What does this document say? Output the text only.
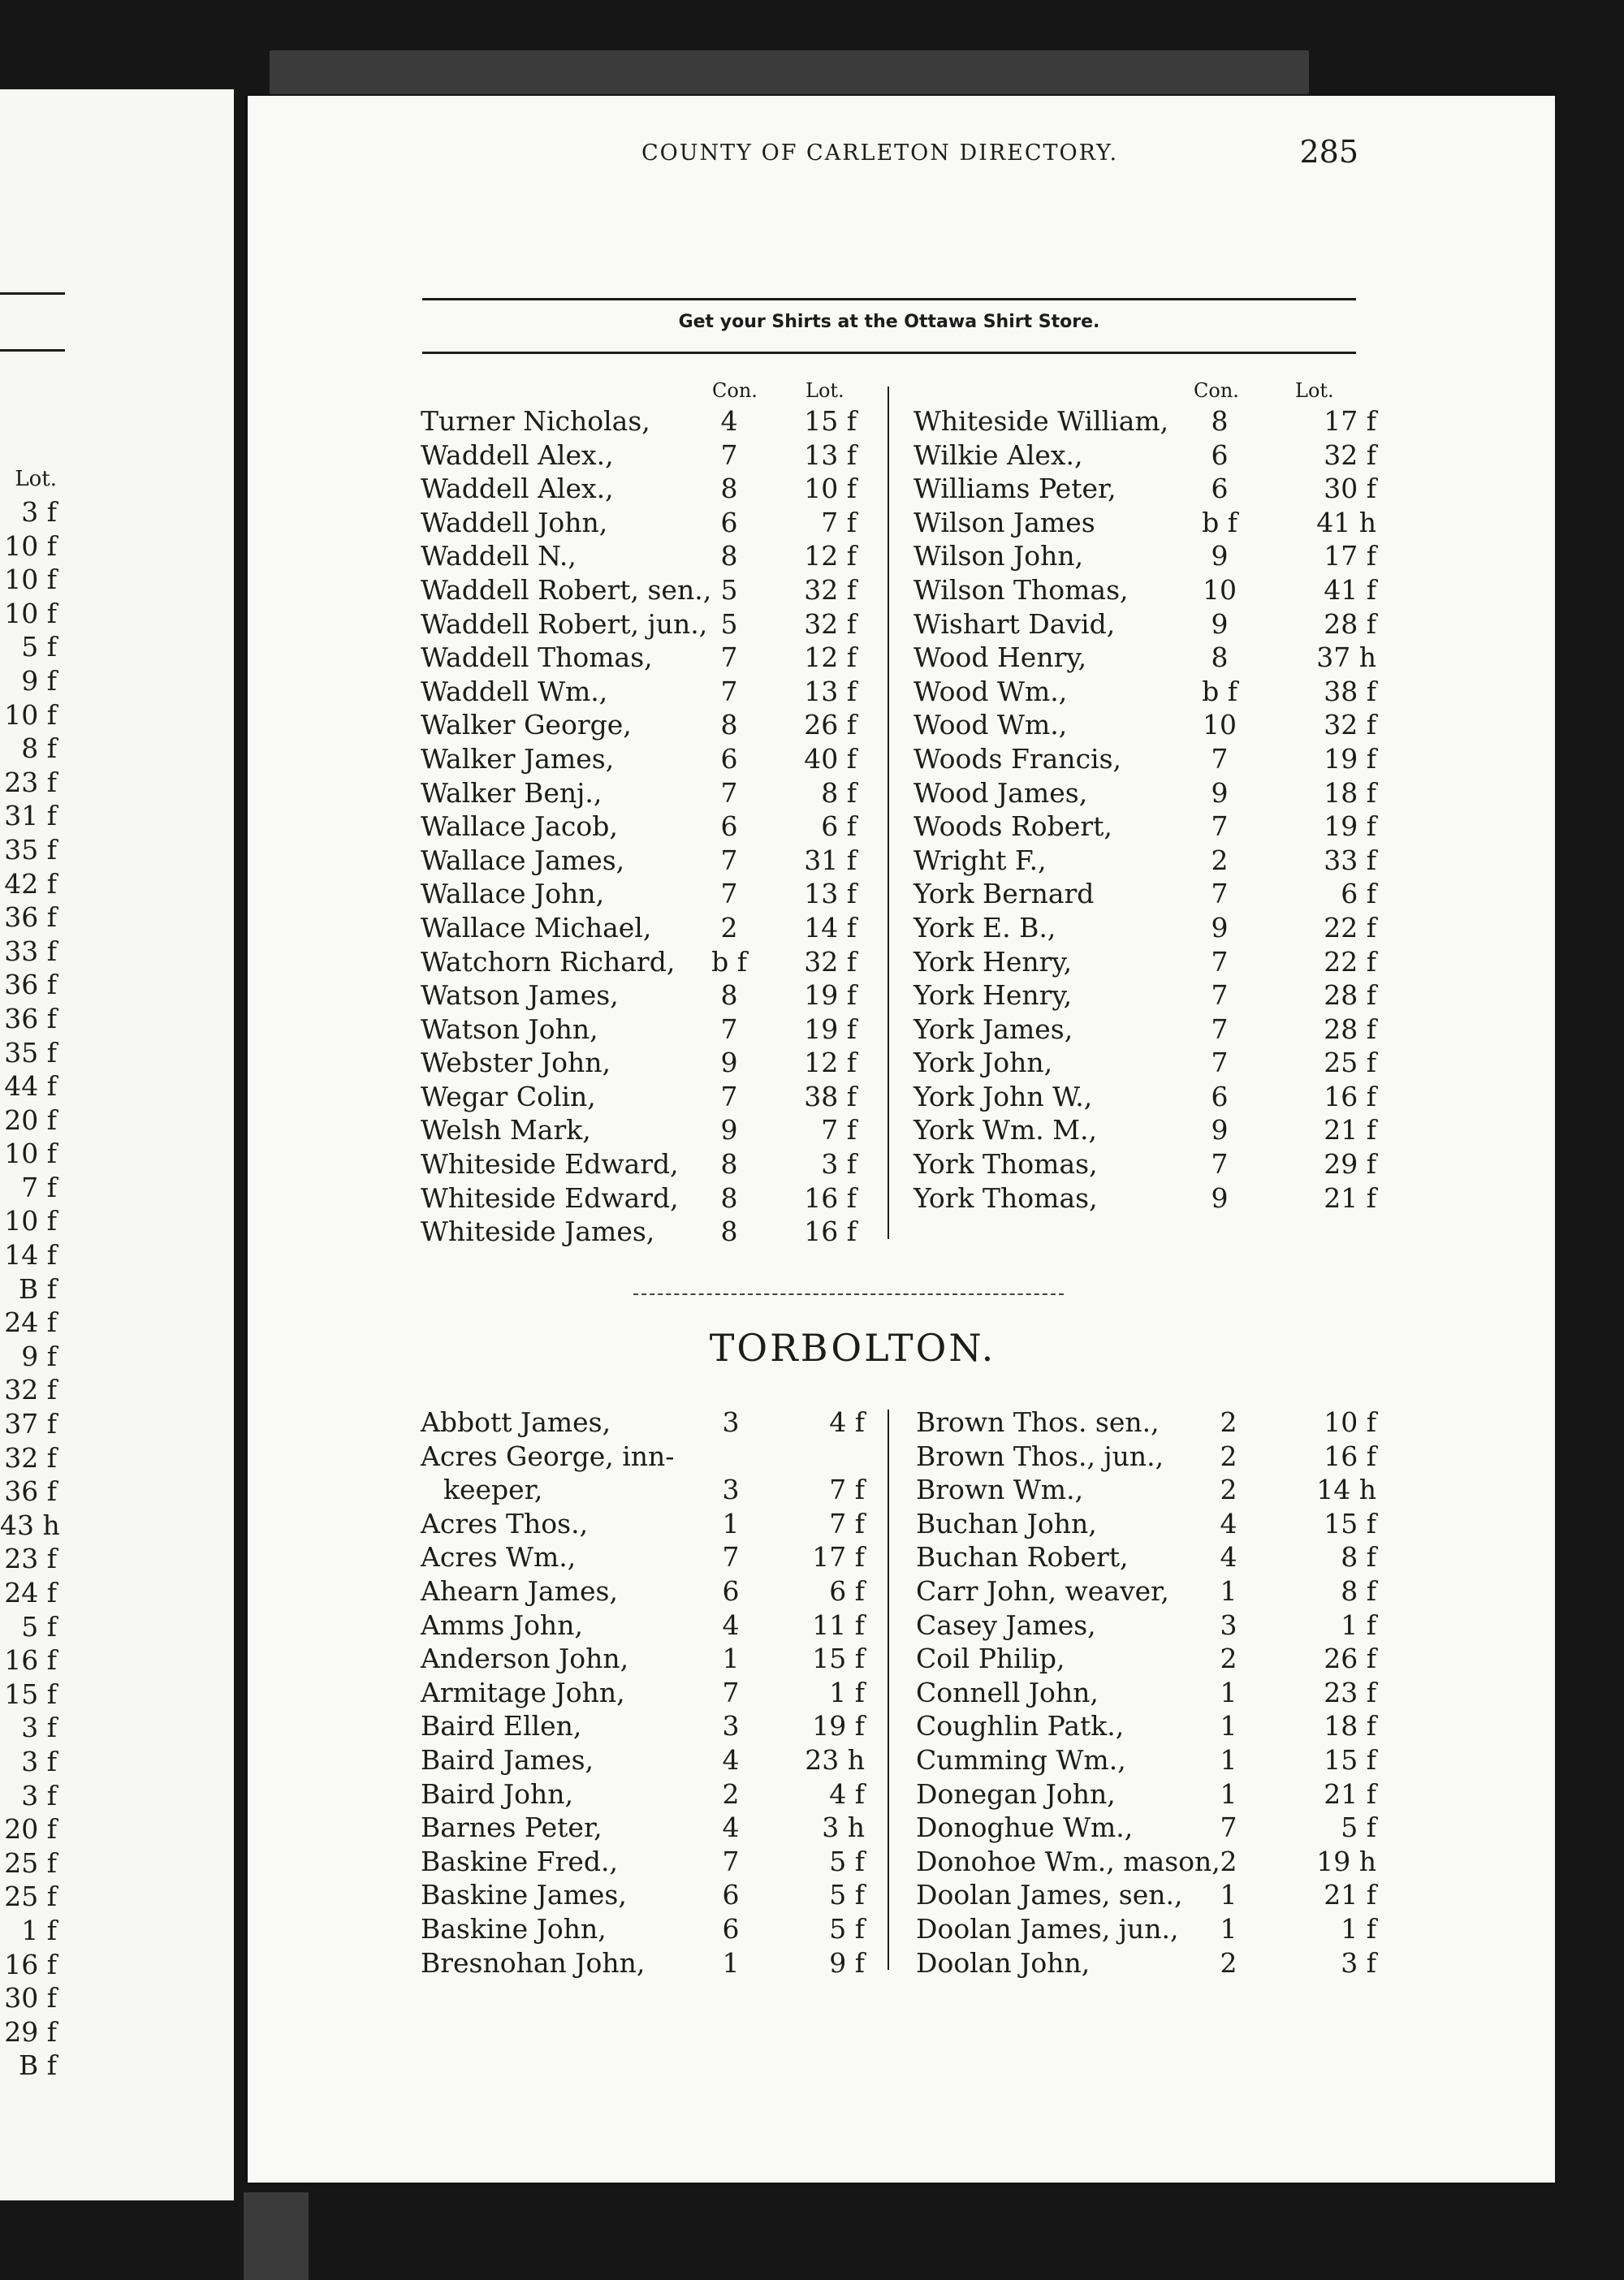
Lot.
3 f
10 f
10 f
10 f
5 f
9 f
10 f
8 f
23 f
31 f
35 f
42 f
36 f
33 f
36 f
36 f
35 f
44 f
20 f
10 f
7 f
10 f
14 f
B f
24 f
9 f
32 f
37 f
32 f
36 f
43 h
23 f
24 f
5 f
16 f
15 f
3 f
3 f
3 f
20 f
25 f
25 f
1 f
16 f
30 f
29 f
B f
COUNTY OF CARLETON DIRECTORY.	285
Get your Shirts at the Ottawa Shirt Store.
Con. Lot.	Con.	Lot.
Turner Nicholas,	4	15 f
Waddell Alex.,	7	13 f
Waddell Alex.,	8	10 f
Waddell John,	6	7 f
Waddell N.,	8	12 f
Waddell Robert, sen., 5	32 f
Waddell Robert, jun., 5	32 f
Waddell Thomas,	7	12 f
Waddell Wm.,	7	13 f
Walker George,	8	26 f
Walker James,	6	40 f
Walker Benj.,	7	8 f
Wallace Jacob,	6	6 f
Wallace James,	7	31 f
Wallace John,	7	13 f
Wallace Michael,	2	14 f
Watchorn Richard,	b f	32 f
Watson James,	8	19 f
Watson John,	7	19 f
Webster John,	9	12 f
Wegar Colin,	7	38 f
Welsh Mark,	9	7 f
Whiteside Edward,	8	3 f
Whiteside Edward,	8	16 f
Whiteside James,	8	16 f
Whiteside William,	8	17 f
Wilkie Alex.,	6	32 f
Williams Peter,	6	30 f
Wilson James	b f	41 h
Wilson John,	9	17 f
Wilson Thomas,	10	41 f
Wishart David,	9	28 f
Wood Henry,	8	37 h
Wood Wm.,	b f	38 f
Wood Wm.,	10	32 f
Woods Francis,	7	19 f
Wood James,	9	18 f
Woods Robert,	7	19 f
Wright F.,	2	33 f
York Bernard	7	6 f
York E. B.,	9	22 f
York Henry,	7	22 f
York Henry,	7	28 f
York James,	7	28 f
York John,	7	25 f
York John W.,	6	16 f
York Wm. M.,	9	21 f
York Thomas,	7	29 f
York Thomas,	9	21 f
TORBOLTON.
Abbott James,	3	4 f
Acres George, inn-
keeper,	3	7 f
Acres Thos.,	1	7 f
Acres Wm.,	7	17 f
Ahearn James,	6	6 f
Amms John,	4	11 f
Anderson John,	1	15 f
Armitage John,	7	1 f
Baird Ellen,	3	19 f
Baird James,	4	23 h
Baird John,	2	4 f
Barnes Peter,	4	3 h
Baskine Fred.,	7	5 f
Baskine James,	6	5 f
Baskine John,	6	5 f
Bresnohan John,	1	9 f
Brown Thos. sen.,	2	10 f
Brown Thos., jun.,	2	16 f
Brown Wm.,	2	14 h
Buchan John,	4	15 f
Buchan Robert,	4	8 f
Carr John, weaver,	1	8 f
Casey James,	3	1 f
Coil Philip,	2	26 f
Connell John,	1	23 f
Coughlin Patk.,	1	18 f
Cumming Wm.,	1	15 f
Donegan John,	1	21 f
Donoghue Wm.,	7	5 f
Donohoe Wm., mason, 2	19 h
Doolan James, sen.,	1	21 f
Doolan James, jun.,	1	1 f
Doolan John,	2	3 f
